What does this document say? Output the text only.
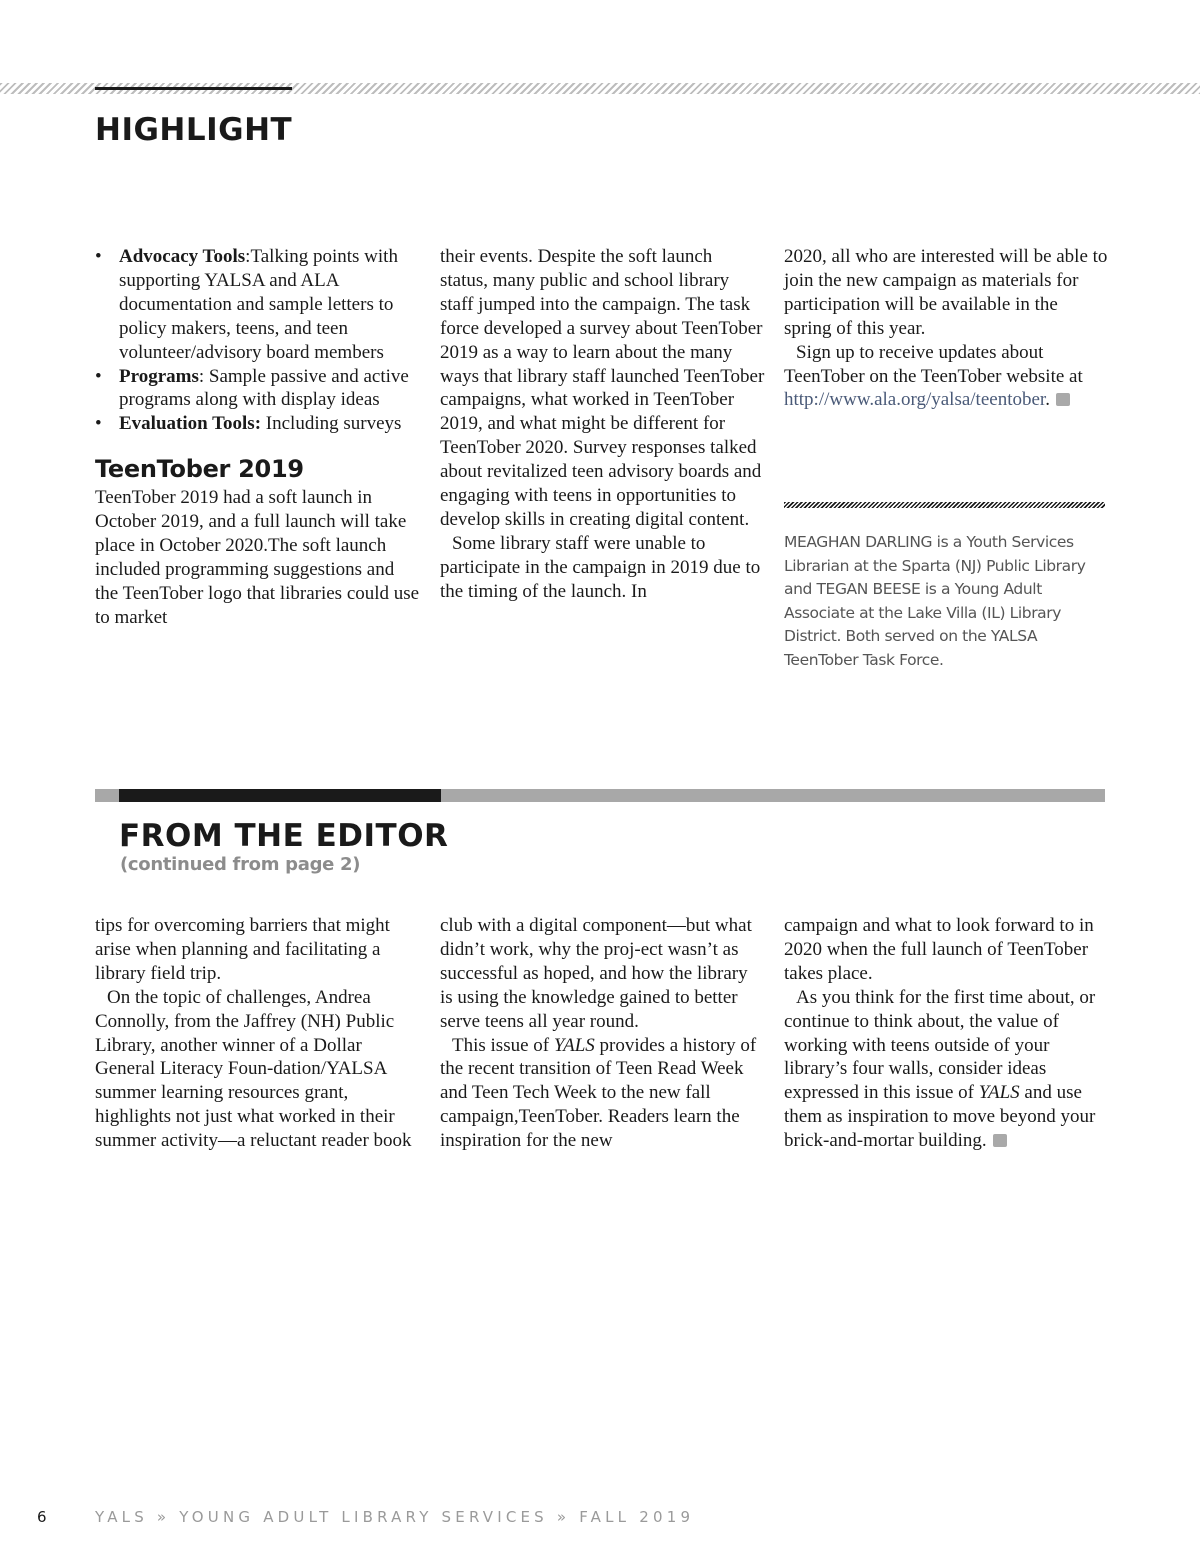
HIGHLIGHT
• Advocacy Tools:Talking points with supporting YALSA and ALA documentation and sample letters to policy makers, teens, and teen volunteer/advisory board members
• Programs: Sample passive and active programs along with display ideas
• Evaluation Tools: Including surveys
TeenTober 2019

TeenTober 2019 had a soft launch in October 2019, and a full launch will take place in October 2020.The soft launch included programming suggestions and the TeenTober logo that libraries could use to market

their events. Despite the soft launch status, many public and school library staff jumped into the campaign. The task force developed a survey about TeenTober 2019 as a way to learn about the many ways that library staff launched TeenTober campaigns, what worked in TeenTober 2019, and what might be different for TeenTober 2020. Survey responses talked about revitalized teen advisory boards and engaging with teens in opportunities to develop skills in creating digital content.

Some library staff were unable to participate in the campaign in 2019 due to the timing of the launch. In

2020, all who are interested will be able to join the new campaign as materials for participation will be available in the spring of this year.

Sign up to receive updates about TeenTober on the TeenTober website at http://www.ala.org/yalsa/teentober.

MEAGHAN DARLING is a Youth Services Librarian at the Sparta (NJ) Public Library and TEGAN BEESE is a Young Adult Associate at the Lake Villa (IL) Library District. Both served on the YALSA TeenTober Task Force.
FROM THE EDITOR
(continued from page 2)

tips for overcoming barriers that might arise when planning and facilitating a library field trip.

On the topic of challenges, Andrea Connolly, from the Jaffrey (NH) Public Library, another winner of a Dollar General Literacy Foun-dation/YALSA summer learning resources grant, highlights not just what worked in their summer activity—a reluctant reader book

club with a digital component—but what didn’t work, why the proj-ect wasn’t as successful as hoped, and how the library is using the knowledge gained to better serve teens all year round.

This issue of YALS provides a history of the recent transition of Teen Read Week and Teen Tech Week to the new fall campaign,TeenTober. Readers learn the inspiration for the new

campaign and what to look forward to in 2020 when the full launch of TeenTober takes place.

As you think for the first time about, or continue to think about, the value of working with teens outside of your library’s four walls, consider ideas expressed in this issue of YALS and use them as inspiration to move beyond your brick-and-mortar building.

6	YALS » YOUNG ADULT LIBRARY SERVICES » FALL 2019
